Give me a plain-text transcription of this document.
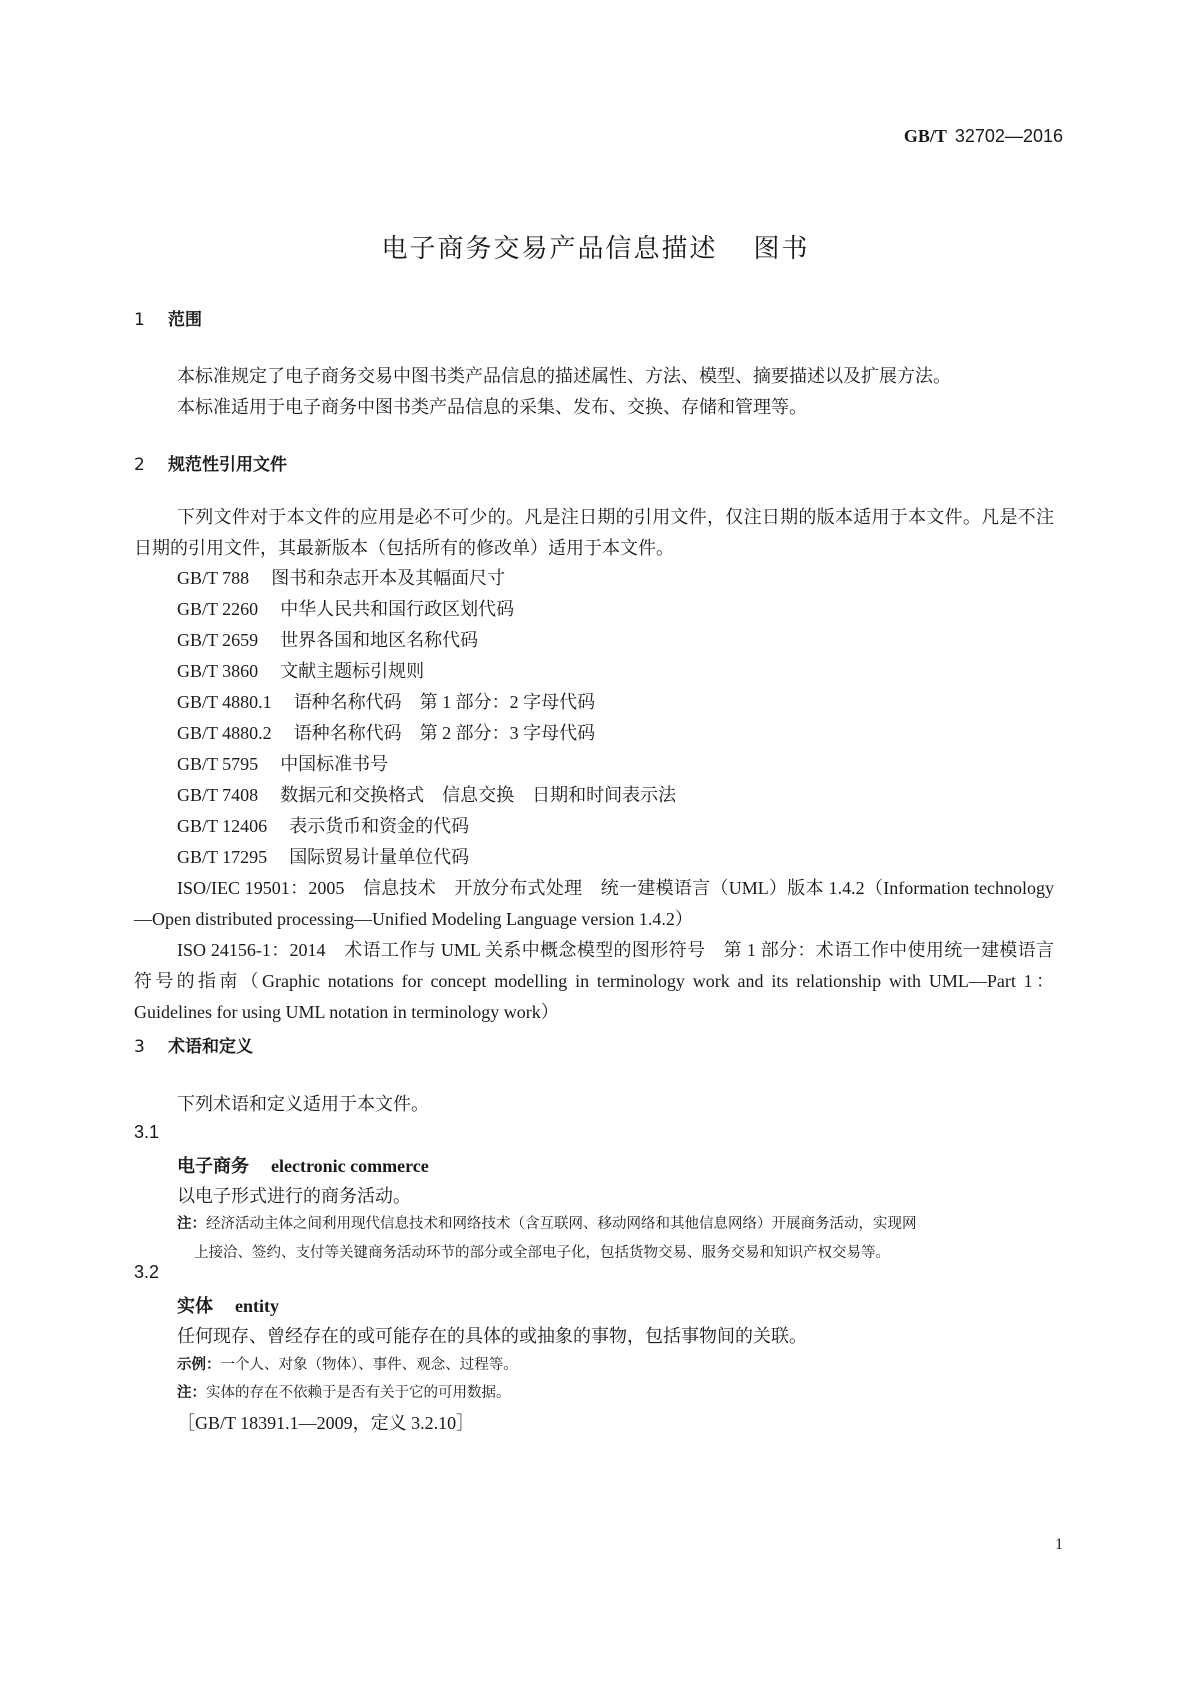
GB/T 32702—2016
电子商务交易产品信息描述 图书
1 范围
本标准规定了电子商务交易中图书类产品信息的描述属性、方法、模型、摘要描述以及扩展方法。
本标准适用于电子商务中图书类产品信息的采集、发布、交换、存储和管理等。
2 规范性引用文件
下列文件对于本文件的应用是必不可少的。凡是注日期的引用文件，仅注日期的版本适用于本文件。凡是不注日期的引用文件，其最新版本（包括所有的修改单）适用于本文件。
GB/T 788 图书和杂志开本及其幅面尺寸
GB/T 2260 中华人民共和国行政区划代码
GB/T 2659 世界各国和地区名称代码
GB/T 3860 文献主题标引规则
GB/T 4880.1 语种名称代码　第 1 部分：2 字母代码
GB/T 4880.2 语种名称代码　第 2 部分：3 字母代码
GB/T 5795 中国标准书号
GB/T 7408 数据元和交换格式　信息交换　日期和时间表示法
GB/T 12406 表示货币和资金的代码
GB/T 17295 国际贸易计量单位代码
ISO/IEC 19501：2005　信息技术　开放分布式处理　统一建模语言（UML）版本 1.4.2（Information technology—Open distributed processing—Unified Modeling Language version 1.4.2）
ISO 24156-1：2014　术语工作与 UML 关系中概念模型的图形符号　第 1 部分：术语工作中使用统一建模语言符号的指南（Graphic notations for concept modelling in terminology work and its relationship with UML—Part 1：Guidelines for using UML notation in terminology work）
3 术语和定义
下列术语和定义适用于本文件。
3.1
电子商务 electronic commerce
以电子形式进行的商务活动。
注：经济活动主体之间利用现代信息技术和网络技术（含互联网、移动网络和其他信息网络）开展商务活动，实现网
上接洽、签约、支付等关键商务活动环节的部分或全部电子化，包括货物交易、服务交易和知识产权交易等。
3.2
实体 entity
任何现存、曾经存在的或可能存在的具体的或抽象的事物，包括事物间的关联。
示例：一个人、对象（物体）、事件、观念、过程等。
注：实体的存在不依赖于是否有关于它的可用数据。
［GB/T 18391.1—2009，定义 3.2.10］
1
